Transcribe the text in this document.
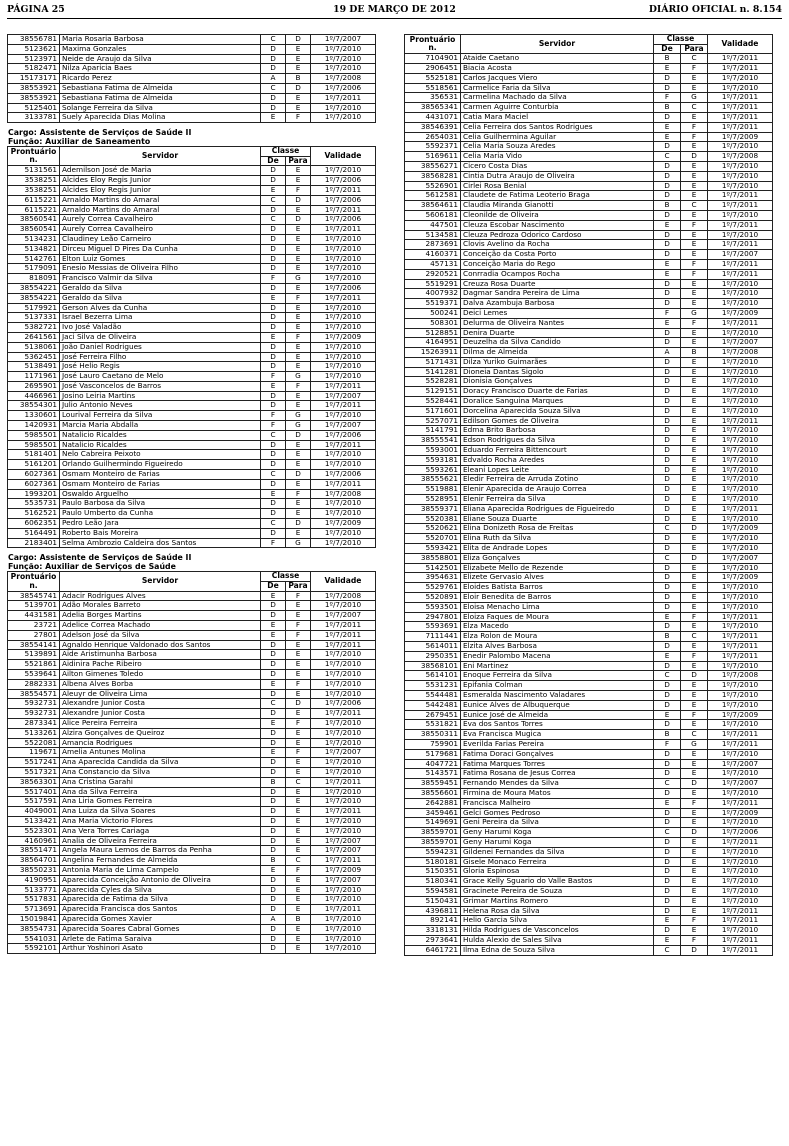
PÁGINA 25	19 DE MARÇO DE 2012	DIÁRIO OFICIAL n. 8.154
38556781	Maria Rosaria Barbosa	C	D	1º/7/2007
5123621	Maxima Gonzales	D	E	1º/7/2010
5123971	Neide de Araujo da Silva	D	E	1º/7/2010
5182471	Nilza Aparicia Baes	D	E	1º/7/2010
15173171	Ricardo Perez	A	B	1º/7/2008
38553921	Sebastiana Fatima de Almeida	C	D	1º/7/2006
38553921	Sebastiana Fatima de Almeida	D	E	1º/7/2011
5125401	Solange Ferreira da Silva	D	E	1º/7/2010
3133781	Suely Aparecida Dias Molina	E	F	1º/7/2010
Cargo: Assistente de Serviços de Saúde II
Função: Auxiliar de Saneamento
Prontuário n.	Servidor	Classe		Validade
		De	Para	
5131561	Ademilson José de Maria	D	E	1º/7/2010
3538251	Alcides Eloy Regis Junior	D	E	1º/7/2006
3538251	Alcides Eloy Regis Junior	E	F	1º/7/2011
6115221	Arnaldo Martins do Amaral	C	D	1º/7/2006
6115221	Arnaldo Martins do Amaral	D	E	1º/7/2011
38560541	Aurely Correa Cavalheiro	C	D	1º/7/2006
38560541	Aurely Correa Cavalheiro	D	E	1º/7/2011
5134231	Claudiney Leão Carneiro	D	E	1º/7/2010
5134821	Dirceu Miguel D Pires Da Cunha	D	E	1º/7/2010
5142761	Elton Luiz Gomes	D	E	1º/7/2010
5179091	Enesio Messias de Oliveira Filho	D	E	1º/7/2010
818091	Francisco Valmir da Silva	F	G	1º/7/2010
38554221	Geraldo da Silva	D	E	1º/7/2006
38554221	Geraldo da Silva	E	F	1º/7/2011
5179921	Gerson Alves da Cunha	D	E	1º/7/2010
5137331	Israel Bezerra Lima	D	E	1º/7/2010
5382721	Ivo José Valadão	D	E	1º/7/2010
2641561	Jaci Silva de Oliveira	E	F	1º/7/2009
5138061	João Daniel Rodrigues	D	E	1º/7/2010
5362451	José Ferreira Filho	D	E	1º/7/2010
5138491	José Helio Regis	D	E	1º/7/2010
1171961	José Lauro Caetano de Melo	F	G	1º/7/2010
2695901	José Vasconcelos de Barros	E	F	1º/7/2011
4466961	Josino Leiria Martins	D	E	1º/7/2007
38554301	Julio Antonio Neves	D	E	1º/7/2011
1330601	Lourival Ferreira da Silva	F	G	1º/7/2010
1420931	Marcia Maria Abdalla	F	G	1º/7/2007
5985501	Natalicio Ricaldes	C	D	1º/7/2006
5985501	Natalicio Ricaldes	D	E	1º/7/2011
5181401	Nelo Cabreira Peixoto	D	E	1º/7/2010
5161201	Orlando Guilhermindo Figueiredo	D	E	1º/7/2010
6027361	Osmam Monteiro de Farias	C	D	1º/7/2006
6027361	Osmam Monteiro de Farias	D	E	1º/7/2011
1993201	Oswaldo Arguelho	E	F	1º/7/2008
5535731	Paulo Barbosa da Silva	D	E	1º/7/2010
5162521	Paulo Umberto da Cunha	D	E	1º/7/2010
6062351	Pedro Leão Jara	C	D	1º/7/2009
5164491	Roberto Bais Moreira	D	E	1º/7/2010
2183401	Selma Ambrozio Caldeira dos Santos	F	G	1º/7/2010
Cargo: Assistente de Serviços de Saúde II
Função: Auxiliar de Serviços de Saúde
Prontuário n.	Servidor	Classe		Validade
		De	Para	
38545741	Adacir Rodrigues Alves	E	F	1º/7/2008
5139701	Adão Morales Barreto	D	E	1º/7/2010
4431581	Adelia Borges Martins	D	E	1º/7/2007
23721	Adelice Correa Machado	E	F	1º/7/2011
27801	Adelson José da Silva	E	F	1º/7/2011
38554141	Agnaldo Henrique Valdonado dos Santos	D	E	1º/7/2011
5139891	Aide Aristimunha Barbosa	D	E	1º/7/2010
5521861	Aidinira Pache Ribeiro	D	E	1º/7/2010
5539641	Ailton Gimenes Toledo	D	E	1º/7/2010
2882331	Albena Alves Borba	E	F	1º/7/2010
38554571	Aleuyr de Oliveira Lima	D	E	1º/7/2010
5932731	Alexandre Junior Costa	C	D	1º/7/2006
5932731	Alexandre Junior Costa	D	E	1º/7/2011
2873341	Alice Pereira Ferreira	E	F	1º/7/2010
5133261	Alzira Gonçalves de Queiroz	D	E	1º/7/2010
5522081	Amancia Rodrigues	D	E	1º/7/2010
119671	Amelia Antunes Molina	E	F	1º/7/2007
5517241	Ana Aparecida Candida da Silva	D	E	1º/7/2010
5517321	Ana Constancio da Silva	D	E	1º/7/2010
38563301	Ana Cristina Garahi	B	C	1º/7/2011
5517401	Ana da Silva Ferreira	D	E	1º/7/2010
5517591	Ana Liria Gomes Ferreira	D	E	1º/7/2010
4049001	Ana Luiza da Silva Soares	D	E	1º/7/2011
5133421	Ana Maria Victorio Flores	D	E	1º/7/2010
5523301	Ana Vera Torres Cariaga	D	E	1º/7/2010
4160961	Analia de Oliveira Ferreira	D	E	1º/7/2007
38551471	Angela Maura Lemos de Barros da Penha	D	E	1º/7/2007
38564701	Angelina Fernandes de Almeida	B	C	1º/7/2011
38550231	Antonia Maria de Lima Campelo	E	F	1º/7/2009
4190951	Aparecida Conceição Antonio de Oliveira	D	E	1º/7/2007
5133771	Aparecida Cyles da Silva	D	E	1º/7/2010
5517831	Aparecida de Fatima da Silva	D	E	1º/7/2010
5713691	Aparecida Francisca dos Santos	D	E	1º/7/2011
15019841	Aparecida Gomes Xavier	A	B	1º/7/2010
38554731	Aparecida Soares Cabral Gomes	D	E	1º/7/2010
5541031	Arlete de Fatima Saraiva	D	E	1º/7/2010
5592101	Arthur Yoshinori Asato	D	E	1º/7/2010
Prontuário n.	Servidor	Classe		Validade
		De	Para	
7104901	Ataide Caetano	B	C	1º/7/2011
2906451	Biacia Acosta	E	F	1º/7/2011
5525181	Carlos Jacques Viero	D	E	1º/7/2010
5518561	Carmelice Faria da Silva	D	E	1º/7/2010
356531	Carmelina Machado da Silva	F	G	1º/7/2011
38565341	Carmen Aguirre Conturbia	B	C	1º/7/2011
4431071	Catia Mara Maciel	D	E	1º/7/2011
38546391	Celia Ferreira dos Santos Rodrigues	E	F	1º/7/2011
2654031	Celia Guilhermina Aguilar	E	F	1º/7/2009
5592371	Celia Maria Souza Aredes	D	E	1º/7/2010
5169611	Celia Maria Vido	C	D	1º/7/2008
38556271	Cicero Costa Dias	D	E	1º/7/2010
38568281	Cintia Dutra Araujo de Oliveira	D	E	1º/7/2010
5526901	Cirlei Rosa Benial	D	E	1º/7/2010
5612581	Claudete de Fatima Leoterio Braga	D	E	1º/7/2011
38564611	Claudia Miranda Gianotti	B	C	1º/7/2011
5606181	Cleonilde de Oliveira	D	E	1º/7/2010
447501	Cleuza Escobar Nascimento	E	F	1º/7/2011
5134581	Cleuza Pedroza Odorico Cardoso	D	E	1º/7/2010
2873691	Clovis Avelino da Rocha	D	E	1º/7/2011
4160371	Conceição da Costa Porto	D	E	1º/7/2007
457131	Conceição Maria do Rego	E	F	1º/7/2011
2920521	Conrradia Ocampos Rocha	E	F	1º/7/2011
5519291	Creuza Rosa Duarte	D	E	1º/7/2010
4007932	Dagmar Sandra Pereira de Lima	D	E	1º/7/2010
5519371	Dalva Azambuja Barbosa	D	E	1º/7/2010
500241	Deici Lemes	F	G	1º/7/2009
508301	Delurma de Oliveira Nantes	E	F	1º/7/2011
5128851	Denira Duarte	D	E	1º/7/2010
4164951	Deuzelha da Silva Candido	D	E	1º/7/2007
15263911	Dilma de Almeida	A	B	1º/7/2008
5171431	Dilza Yuriko Guimarães	D	E	1º/7/2010
5141281	Dioneia Dantas Sigolo	D	E	1º/7/2010
5528281	Dionisia Gonçalves	D	E	1º/7/2010
5129151	Doracy Francisco Duarte de Farias	D	E	1º/7/2010
5528441	Doralice Sanguina Marques	D	E	1º/7/2010
5171601	Dorcelina Aparecida Souza Silva	D	E	1º/7/2010
5257071	Edilson Gomes de Oliveira	D	E	1º/7/2011
5141791	Edma Brito Barbosa	D	E	1º/7/2010
38555541	Edson Rodrigues da Silva	D	E	1º/7/2010
5593001	Eduardo Ferreira Bittencourt	D	E	1º/7/2010
5593181	Edvaldo Rocha Aredes	D	E	1º/7/2010
5593261	Eleani Lopes Leite	D	E	1º/7/2010
38555621	Eledir Ferreira de Arruda Zotino	D	E	1º/7/2010
5519881	Elenir Aparecida de Araujo Correa	D	E	1º/7/2010
5528951	Elenir Ferreira da Silva	D	E	1º/7/2010
38559371	Eliana Aparecida Rodrigues de Figueiredo	D	E	1º/7/2011
5520381	Eliane Souza Duarte	D	E	1º/7/2010
5520621	Elina Donizeth Rosa de Freitas	C	D	1º/7/2009
5520701	Elina Ruth da Silva	D	E	1º/7/2010
5593421	Elita de Andrade Lopes	D	E	1º/7/2010
38558801	Eliza Gonçalves	C	D	1º/7/2007
5142501	Elizabete Mello de Rezende	D	E	1º/7/2010
3954631	Elizete Gervasio Alves	D	E	1º/7/2009
5529761	Eloides Batista Barros	D	E	1º/7/2010
5520891	Eloir Benedita de Barros	D	E	1º/7/2010
5593501	Eloisa Menacho Lima	D	E	1º/7/2010
2947801	Eloiza Faques de Moura	E	F	1º/7/2011
5593691	Elza Macedo	D	E	1º/7/2010
7111441	Elza Rolon de Moura	B	C	1º/7/2011
5614011	Elzita Alves Barbosa	D	E	1º/7/2011
2950351	Enedir Palombo Macena	E	F	1º/7/2011
38568101	Eni Martinez	D	E	1º/7/2010
5614101	Enoque Ferreira da Silva	C	D	1º/7/2008
5531231	Epifania Colman	D	E	1º/7/2010
5544481	Esmeralda Nascimento Valadares	D	E	1º/7/2010
5442481	Eunice Alves de Albuquerque	D	E	1º/7/2010
2679451	Eunice José de Almeida	E	F	1º/7/2009
5531821	Eva dos Santos Torres	D	E	1º/7/2010
38550311	Eva Francisca Mugica	B	C	1º/7/2011
759901	Everilda Farias Pereira	F	G	1º/7/2011
5179681	Fatima Doraci Gonçalves	D	E	1º/7/2010
4047721	Fatima Marques Torres	D	E	1º/7/2007
5143571	Fatima Rosana de Jesus Correa	D	E	1º/7/2010
38559451	Fernando Mendes da Silva	C	D	1º/7/2007
38556601	Firmina de Moura Matos	D	E	1º/7/2010
2642881	Francisca Malheiro	E	F	1º/7/2011
3459461	Gelci Gomes Pedroso	D	E	1º/7/2009
5149691	Geni Pereira da Silva	D	E	1º/7/2010
38559701	Geny Harumi Koga	C	D	1º/7/2006
38559701	Geny Harumi Koga	D	E	1º/7/2011
5594231	Gildenei Fernandes da Silva	D	E	1º/7/2010
5180181	Gisele Monaco Ferreira	D	E	1º/7/2010
5150351	Gloria Espinosa	D	E	1º/7/2010
5180341	Grace Kelly Sguario do Valle Bastos	D	E	1º/7/2010
5594581	Gracinete Pereira de Souza	D	E	1º/7/2010
5150431	Grimar Martins Romero	D	E	1º/7/2010
4396811	Helena Rosa da Silva	D	E	1º/7/2011
892141	Helio Garcia Silva	E	F	1º/7/2011
3318131	Hilda Rodrigues de Vasconcelos	D	E	1º/7/2010
2973641	Hulda Alexio de Sales Silva	E	F	1º/7/2011
6461721	Ilma Edna de Souza Silva	C	D	1º/7/2011
